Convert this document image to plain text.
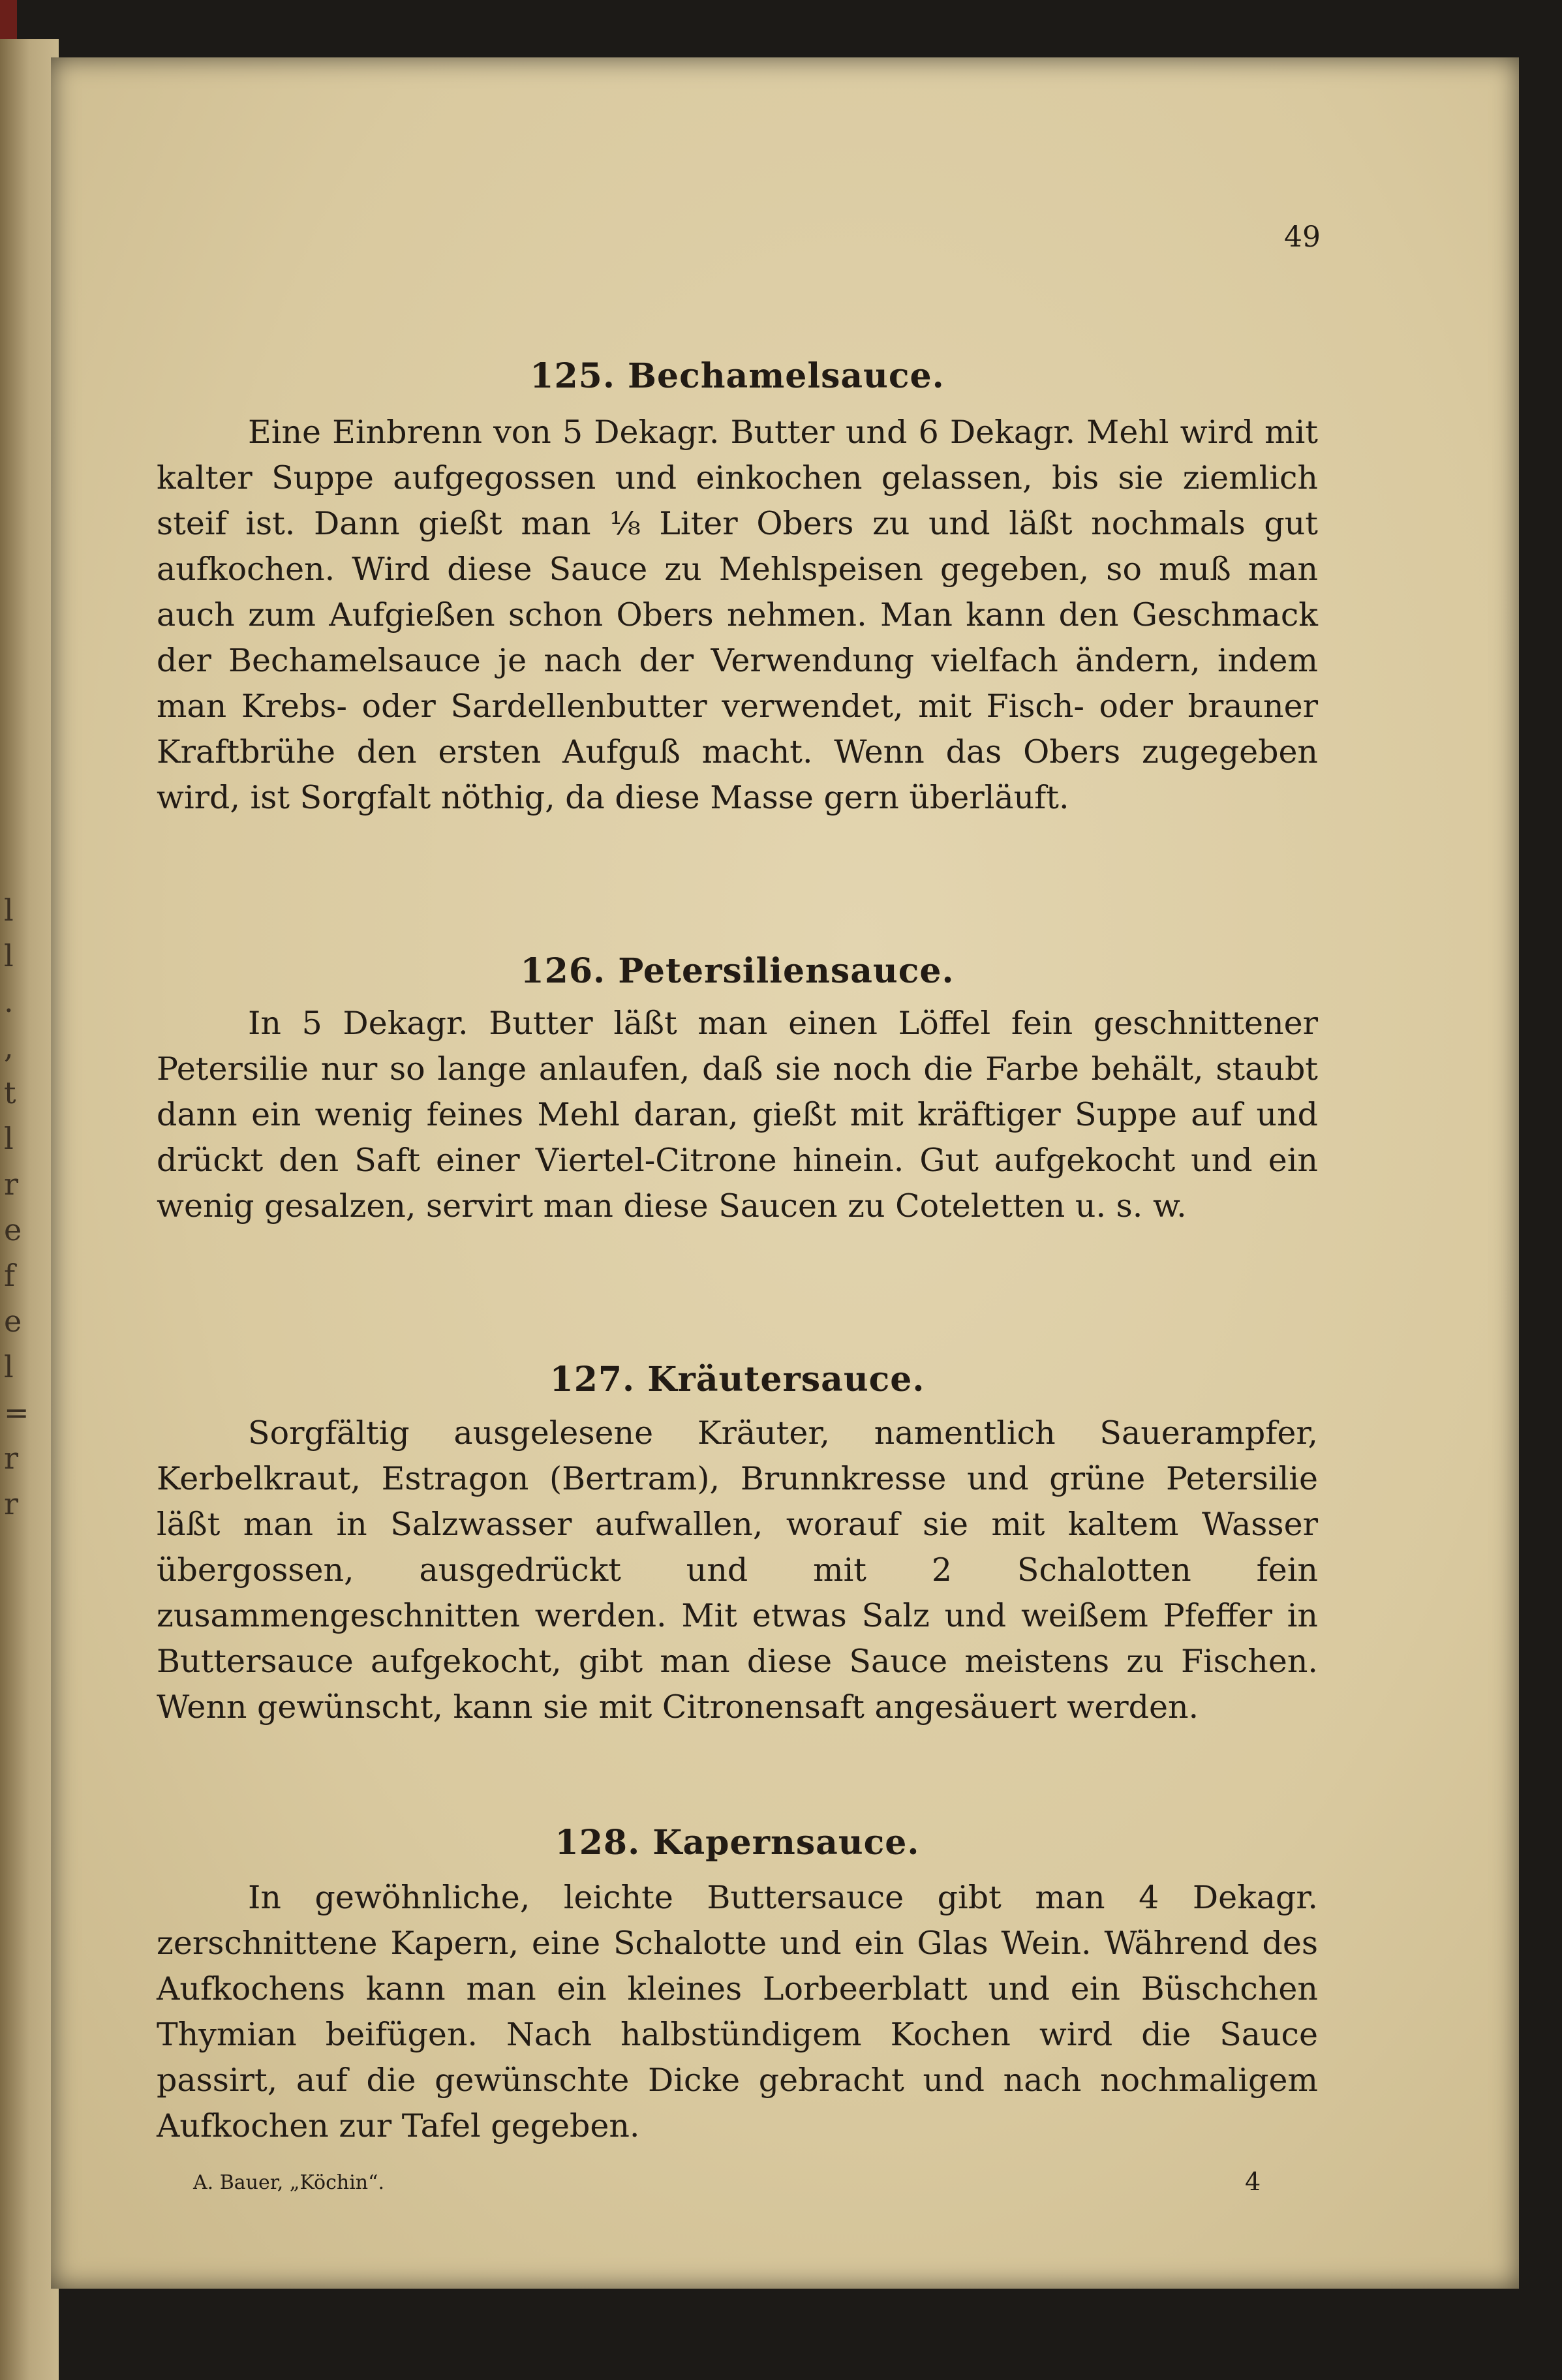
l
l
.
,
t
l
r
e
f
e
l
=
r
r
49
125. Bechamelsauce.
Eine Einbrenn von 5 Dekagr. Butter und 6 Dekagr. Mehl wird mit kalter Suppe aufgegossen und einkochen gelassen, bis sie ziemlich steif ist. Dann gießt man ⅛ Liter Obers zu und läßt nochmals gut aufkochen. Wird diese Sauce zu Mehlspeisen gegeben, so muß man auch zum Aufgießen schon Obers nehmen. Man kann den Geschmack der Bechamelsauce je nach der Verwendung vielfach ändern, indem man Krebs- oder Sardellenbutter verwendet, mit Fisch- oder brauner Kraftbrühe den ersten Aufguß macht. Wenn das Obers zugegeben wird, ist Sorgfalt nöthig, da diese Masse gern überläuft.
126. Petersiliensauce.
In 5 Dekagr. Butter läßt man einen Löffel fein geschnittener Petersilie nur so lange anlaufen, daß sie noch die Farbe behält, staubt dann ein wenig feines Mehl daran, gießt mit kräftiger Suppe auf und drückt den Saft einer Viertel-Citrone hinein. Gut aufgekocht und ein wenig gesalzen, servirt man diese Saucen zu Coteletten u. s. w.
127. Kräutersauce.
Sorgfältig ausgelesene Kräuter, namentlich Sauerampfer, Kerbelkraut, Estragon (Bertram), Brunnkresse und grüne Petersilie läßt man in Salzwasser aufwallen, worauf sie mit kaltem Wasser übergossen, ausgedrückt und mit 2 Schalotten fein zusammengeschnitten werden. Mit etwas Salz und weißem Pfeffer in Buttersauce aufgekocht, gibt man diese Sauce meistens zu Fischen. Wenn gewünscht, kann sie mit Citronensaft angesäuert werden.
128. Kapernsauce.
In gewöhnliche, leichte Buttersauce gibt man 4 Dekagr. zerschnittene Kapern, eine Schalotte und ein Glas Wein. Während des Aufkochens kann man ein kleines Lorbeerblatt und ein Büschchen Thymian beifügen. Nach halbstündigem Kochen wird die Sauce passirt, auf die gewünschte Dicke gebracht und nach nochmaligem Aufkochen zur Tafel gegeben.
A. Bauer, „Köchin“.	4
